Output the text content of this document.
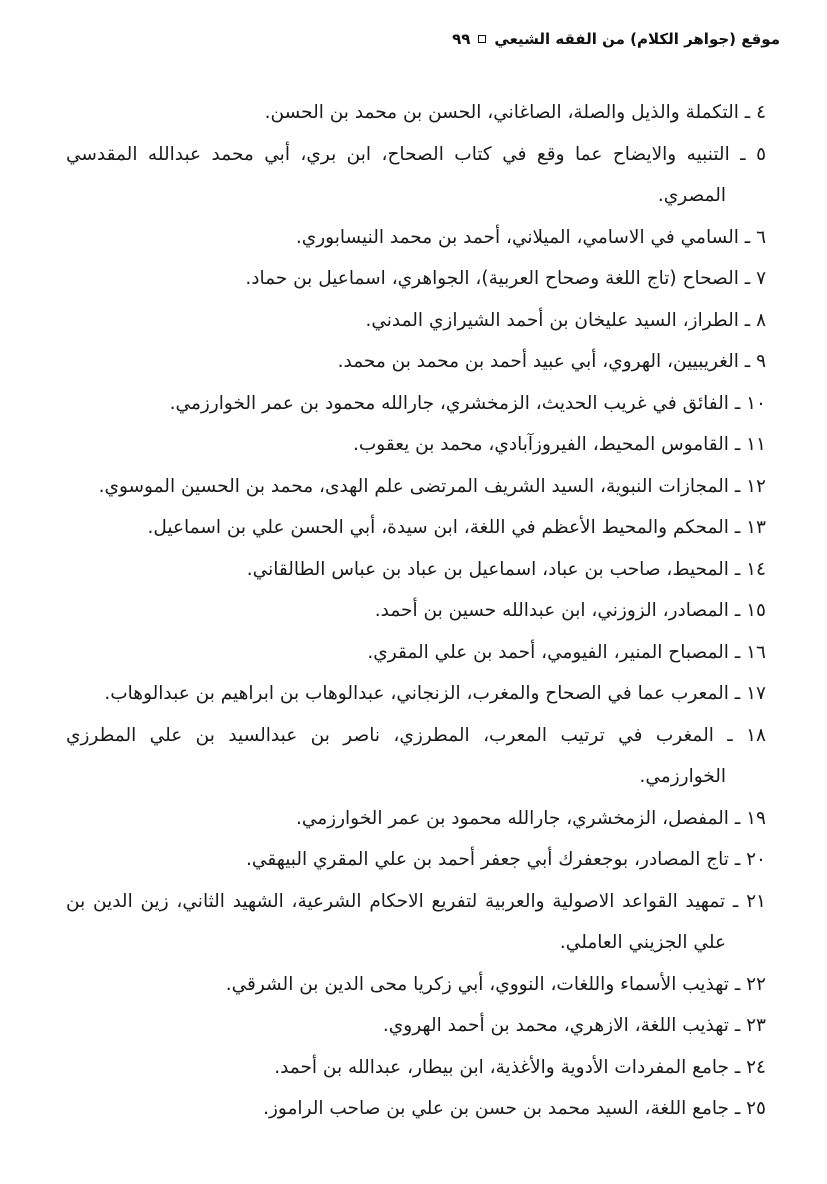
موقع (جواهر الكلام) من الفقه الشيعي
٩٩
٤ ـ التكملة والذيل والصلة، الصاغاني، الحسن بن محمد بن الحسن.
٥ ـ التنبيه والايضاح عما وقع في كتاب الصحاح، ابن بري، أبي محمد عبدالله المقدسي المصري.
٦ ـ السامي في الاسامي، الميلاني، أحمد بن محمد النيسابوري.
٧ ـ الصحاح (تاج اللغة وصحاح العربية)، الجواهري، اسماعيل بن حماد.
٨ ـ الطراز، السيد عليخان بن أحمد الشيرازي المدني.
٩ ـ الغريبيين، الهروي، أبي عبيد أحمد بن محمد بن محمد.
١٠ ـ الفائق في غريب الحديث، الزمخشري، جارالله محمود بن عمر الخوارزمي.
١١ ـ القاموس المحيط، الفيروزآبادي، محمد بن يعقوب.
١٢ ـ المجازات النبوية، السيد الشريف المرتضى علم الهدى، محمد بن الحسين الموسوي.
١٣ ـ المحكم والمحيط الأعظم في اللغة، ابن سيدة، أبي الحسن علي بن اسماعيل.
١٤ ـ المحيط، صاحب بن عباد، اسماعيل بن عباد بن عباس الطالقاني.
١٥ ـ المصادر، الزوزني، ابن عبدالله حسين بن أحمد.
١٦ ـ المصباح المنير، الفيومي، أحمد بن علي المقري.
١٧ ـ المعرب عما في الصحاح والمغرب، الزنجاني، عبدالوهاب بن ابراهيم بن عبدالوهاب.
١٨ ـ المغرب في ترتيب المعرب، المطرزي، ناصر بن عبدالسيد بن علي المطرزي الخوارزمي.
١٩ ـ المفصل، الزمخشري، جارالله محمود بن عمر الخوارزمي.
٢٠ ـ تاج المصادر، بوجعفرك أبي جعفر أحمد بن علي المقري البيهقي.
٢١ ـ تمهيد القواعد الاصولية والعربية لتفريع الاحكام الشرعية، الشهيد الثاني، زين الدين بن علي الجزيني العاملي.
٢٢ ـ تهذيب الأسماء واللغات، النووي، أبي زكريا محى الدين بن الشرقي.
٢٣ ـ تهذيب اللغة، الازهري، محمد بن أحمد الهروي.
٢٤ ـ جامع المفردات الأدوية والأغذية، ابن بيطار، عبدالله بن أحمد.
٢٥ ـ جامع اللغة، السيد محمد بن حسن بن علي بن صاحب الراموز.
